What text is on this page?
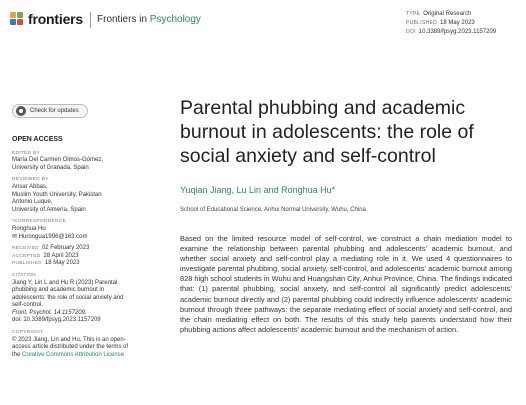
frontiers Frontiers in Psychology	TYPE Original Research
PUBLISHED 18 May 2023
DOI 10.3389/fpsyg.2023.1157209
Check for updates
OPEN ACCESS
EDITED BY
María Del Carmen Olmos-Gómez,
University of Granada, Spain
REVIEWED BY
Ansar Abbas,
Muslim Youth University, Pakistan
Antonio Luque,
University of Almería, Spain
*CORRESPONDENCE
Ronghua Hu
✉ Hurongua1996@163.com
RECEIVED 02 February 2023
ACCEPTED 28 April 2023
PUBLISHED 18 May 2023
CITATION
Jiang Y, Lin L and Hu R (2023) Parental
phubbing and academic burnout in
adolescents: the role of social anxiety and
self-control.
Front. Psychol. 14:1157209.
doi: 10.3389/fpsyg.2023.1157209
COPYRIGHT
© 2023 Jiang, Lin and Hu. This is an open-
access article distributed under the terms of
the Creative Commons Attribution License
Parental phubbing and academic burnout in adolescents: the role of social anxiety and self-control
Yuqian Jiang, Lu Lin and Ronghua Hu*
School of Educational Science, Anhui Normal University, Wuhu, China
Based on the limited resource model of self-control, we construct a chain mediation model to examine the relationship between parental phubbing and adolescents’ academic burnout, and whether social anxiety and self-control play a mediating role in it. We used 4 questionnaires to investigate parental phubbing, social anxiety, self-control, and adolescents’ academic burnout among 828 high school students in Wuhu and Huangshan City, Anhui Province, China. The findings indicated that: (1) parental phubbing, social anxiety, and self-control all significantly predict adolescents’ academic burnout directly and (2) parental phubbing could indirectly influence adolescents’ academic burnout through three pathways: the separate mediating effect of social anxiety and self-control, and the chain mediating effect on both. The results of this study help parents understand how their phubbing actions affect adolescents’ academic burnout and the mechanism of action.
